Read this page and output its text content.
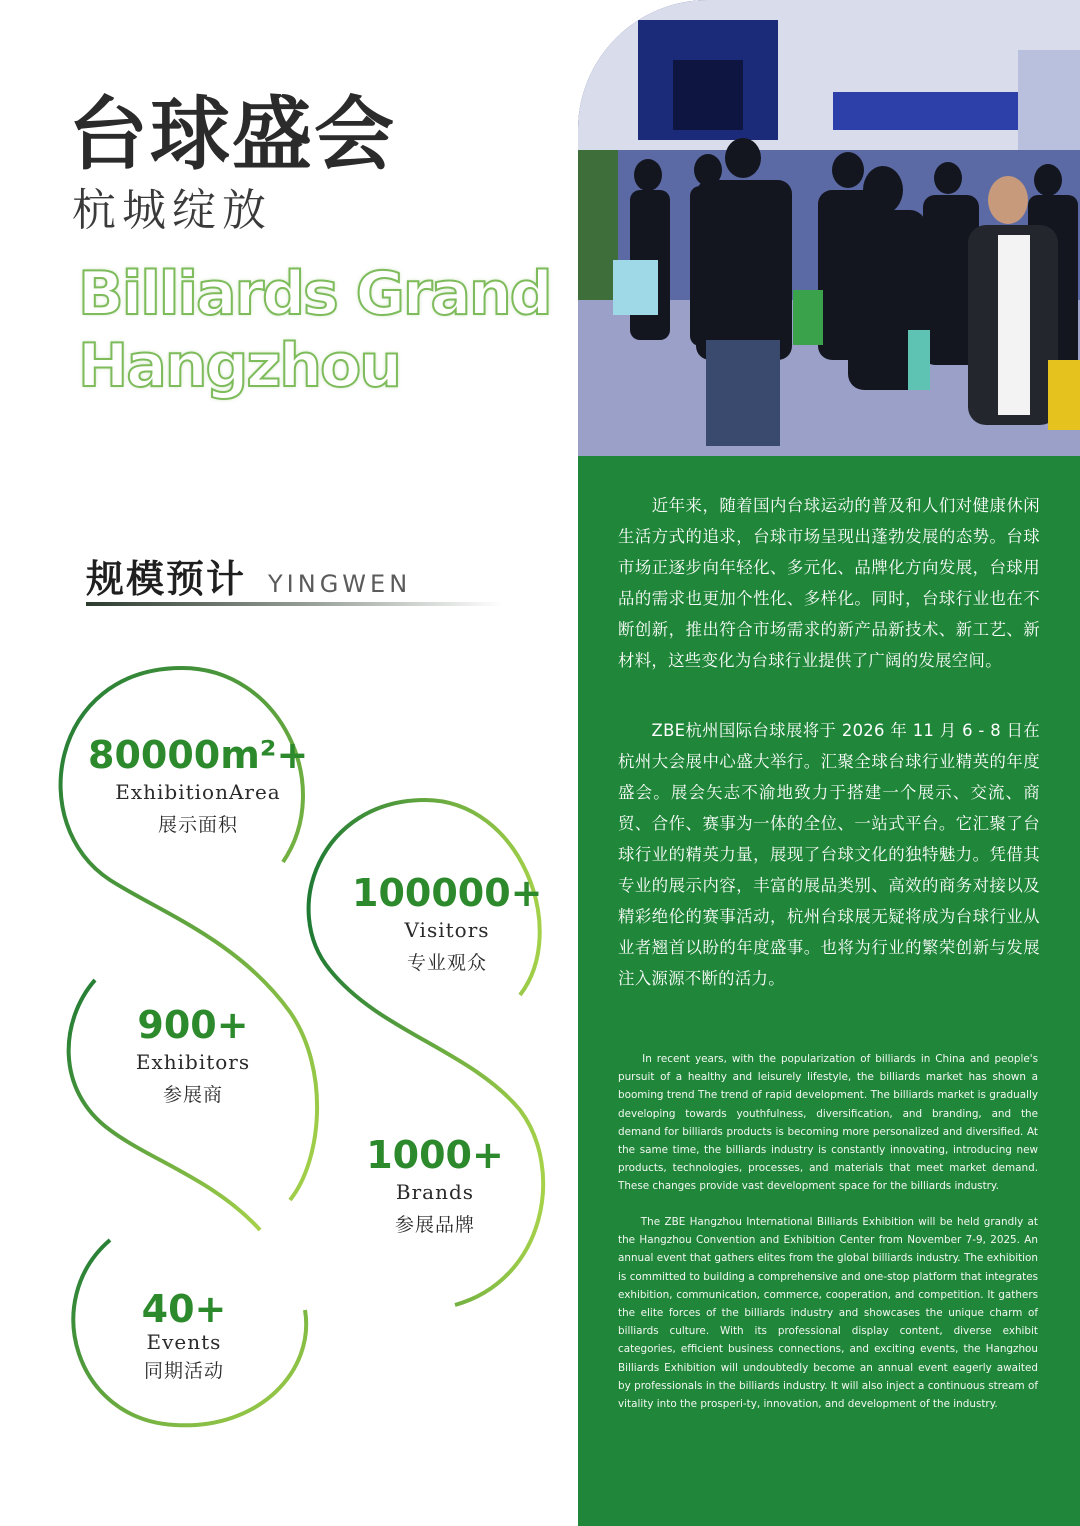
台球盛会
杭城绽放
Billiards Grand
Hangzhou
规模预计 YINGWEN
80000m²+
ExhibitionArea
展示面积
100000+
Visitors
专业观众
900+
Exhibitors
参展商
1000+
Brands
参展品牌
40+
Events
同期活动
　　近年来，随着国内台球运动的普及和人们对健康休闲生活方式的追求，台球市场呈现出蓬勃发展的态势。台球市场正逐步向年轻化、多元化、品牌化方向发展，台球用品的需求也更加个性化、多样化。同时，台球行业也在不断创新，推出符合市场需求的新产品新技术、新工艺、新材料，这些变化为台球行业提供了广阔的发展空间。
　　ZBE杭州国际台球展将于 2026 年 11 月 6 - 8 日在杭州大会展中心盛大举行。汇聚全球台球行业精英的年度盛会。展会矢志不渝地致力于搭建一个展示、交流、商贸、合作、赛事为一体的全位、一站式平台。它汇聚了台球行业的精英力量，展现了台球文化的独特魅力。凭借其专业的展示内容，丰富的展品类别、高效的商务对接以及精彩绝伦的赛事活动，杭州台球展无疑将成为台球行业从业者翘首以盼的年度盛事。也将为行业的繁荣创新与发展注入源源不断的活力。
　　In recent years, with the popularization of billiards in China and people's pursuit of a healthy and leisurely lifestyle, the billiards market has shown a booming trend The trend of rapid development. The billiards market is gradually developing towards youthfulness, diversification, and branding, and the demand for billiards products is becoming more personalized and diversified. At the same time, the billiards industry is constantly innovating, introducing new products, technologies, processes, and materials that meet market demand. These changes provide vast development space for the billiards industry.
　　The ZBE Hangzhou International Billiards Exhibition will be held grandly at the Hangzhou Convention and Exhibition Center from November 7-9, 2025. An annual event that gathers elites from the global billiards industry. The exhibition is committed to building a comprehensive and one-stop platform that integrates exhibition, communication, commerce, cooperation, and competition. It gathers the elite forces of the billiards industry and showcases the unique charm of billiards culture. With its professional display content, diverse exhibit categories, efficient business connections, and exciting events, the Hangzhou Billiards Exhibition will undoubtedly become an annual event eagerly awaited by professionals in the billiards industry. It will also inject a continuous stream of vitality into the prosperi-ty, innovation, and development of the industry.
